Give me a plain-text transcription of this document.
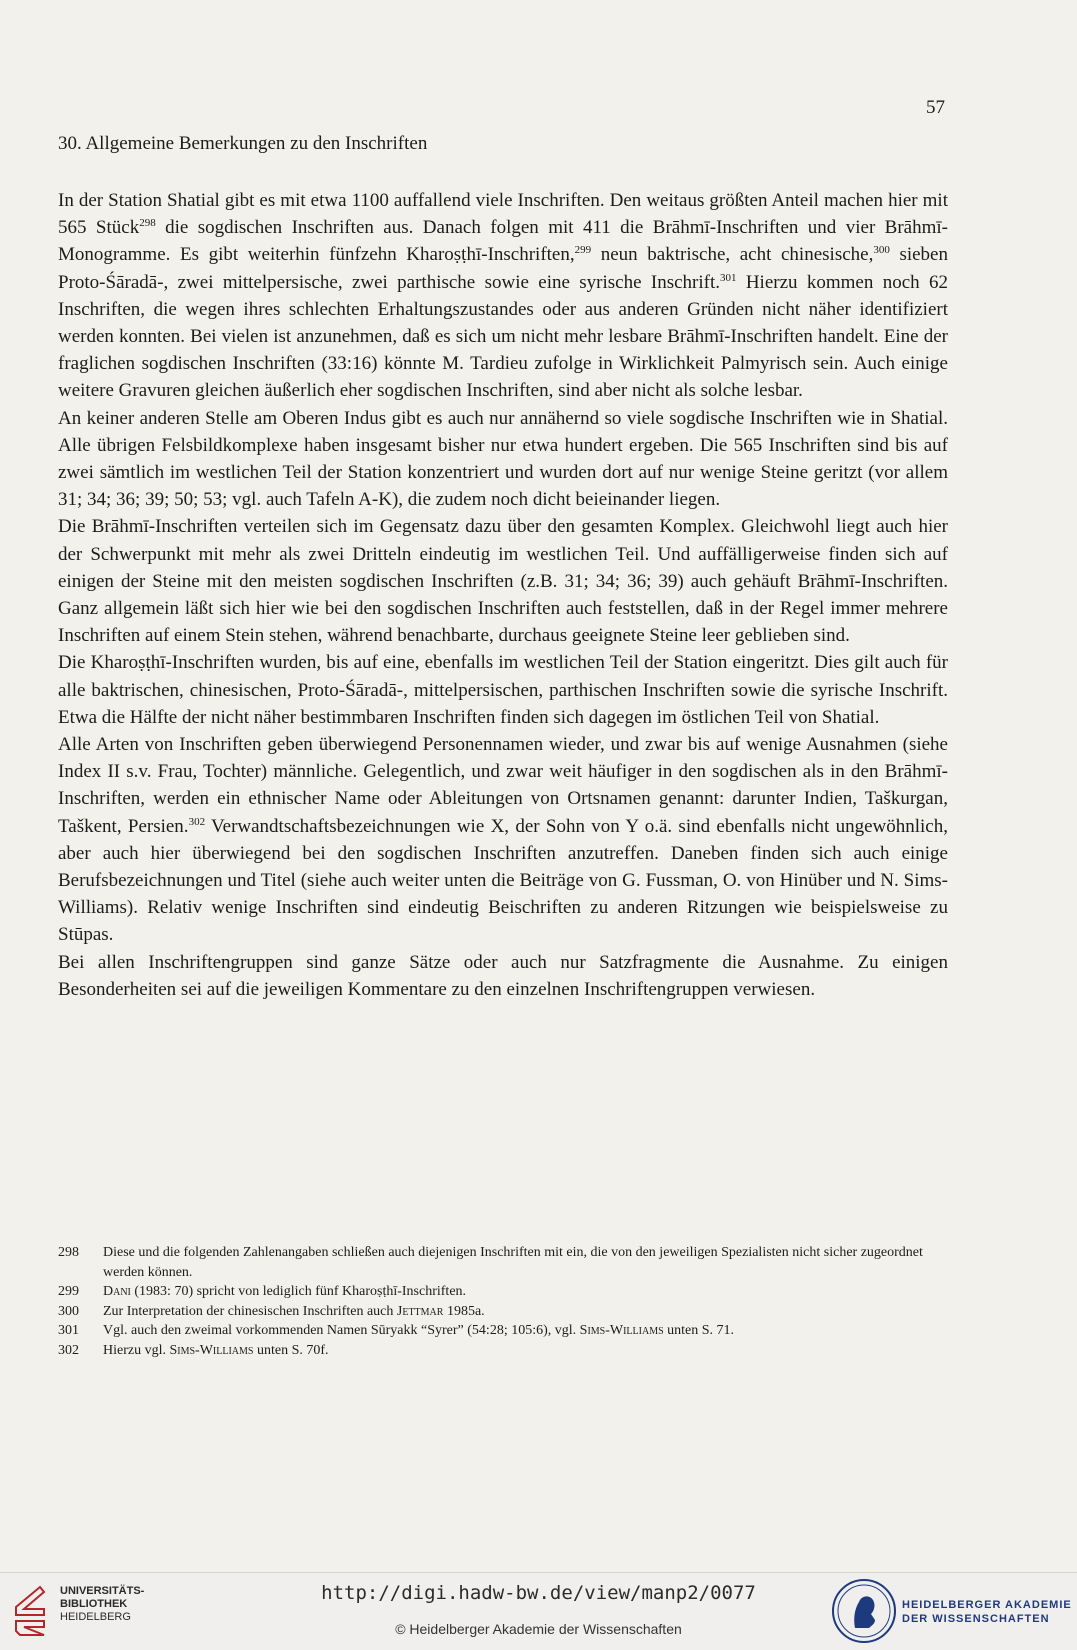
57
30. Allgemeine Bemerkungen zu den Inschriften

In der Station Shatial gibt es mit etwa 1100 auffallend viele Inschriften. Den weitaus größten Anteil machen hier mit 565 Stück$^{298}$ die sogdischen Inschriften aus. Danach folgen mit 411 die Brāhmī-Inschriften und vier Brāhmī-Monogramme. Es gibt weiterhin fünfzehn Kharoṣṭhī-Inschriften,$^{299}$ neun baktrische, acht chinesische,$^{300}$ sieben Proto-Śāradā-, zwei mittelpersische, zwei parthische sowie eine syrische Inschrift.$^{301}$ Hierzu kommen noch 62 Inschriften, die wegen ihres schlechten Erhaltungszustandes oder aus anderen Gründen nicht näher identifiziert werden konnten. Bei vielen ist anzunehmen, daß es sich um nicht mehr lesbare Brāhmī-Inschriften handelt. Eine der fraglichen sogdischen Inschriften (33:16) könnte M. Tardieu zufolge in Wirklichkeit Palmyrisch sein. Auch einige weitere Gravuren gleichen äußerlich eher sogdischen Inschriften, sind aber nicht als solche lesbar.

An keiner anderen Stelle am Oberen Indus gibt es auch nur annähernd so viele sogdische Inschriften wie in Shatial. Alle übrigen Felsbildkomplexe haben insgesamt bisher nur etwa hundert ergeben. Die 565 Inschriften sind bis auf zwei sämtlich im westlichen Teil der Station konzentriert und wurden dort auf nur wenige Steine geritzt (vor allem 31; 34; 36; 39; 50; 53; vgl. auch Tafeln A-K), die zudem noch dicht beieinander liegen.

Die Brāhmī-Inschriften verteilen sich im Gegensatz dazu über den gesamten Komplex. Gleichwohl liegt auch hier der Schwerpunkt mit mehr als zwei Dritteln eindeutig im westlichen Teil. Und auffälligerweise finden sich auf einigen der Steine mit den meisten sogdischen Inschriften (z.B. 31; 34; 36; 39) auch gehäuft Brāhmī-Inschriften. Ganz allgemein läßt sich hier wie bei den sogdischen Inschriften auch feststellen, daß in der Regel immer mehrere Inschriften auf einem Stein stehen, während benachbarte, durchaus geeignete Steine leer geblieben sind.

Die Kharoṣṭhī-Inschriften wurden, bis auf eine, ebenfalls im westlichen Teil der Station eingeritzt. Dies gilt auch für alle baktrischen, chinesischen, Proto-Śāradā-, mittelpersischen, parthischen Inschriften sowie die syrische Inschrift. Etwa die Hälfte der nicht näher bestimmbaren Inschriften finden sich dagegen im östlichen Teil von Shatial.

Alle Arten von Inschriften geben überwiegend Personennamen wieder, und zwar bis auf wenige Ausnahmen (siehe Index II s.v. Frau, Tochter) männliche. Gelegentlich, und zwar weit häufiger in den sogdischen als in den Brāhmī-Inschriften, werden ein ethnischer Name oder Ableitungen von Ortsnamen genannt: darunter Indien, Taškurgan, Taškent, Persien.$^{302}$ Verwandtschaftsbezeichnungen wie X, der Sohn von Y o.ä. sind ebenfalls nicht ungewöhnlich, aber auch hier überwiegend bei den sogdischen Inschriften anzutreffen. Daneben finden sich auch einige Berufsbezeichnungen und Titel (siehe auch weiter unten die Beiträge von G. Fussman, O. von Hinüber und N. Sims-Williams). Relativ wenige Inschriften sind eindeutig Beischriften zu anderen Ritzungen wie beispielsweise zu Stūpas.

Bei allen Inschriftengruppen sind ganze Sätze oder auch nur Satzfragmente die Ausnahme. Zu einigen Besonderheiten sei auf die jeweiligen Kommentare zu den einzelnen Inschriftengruppen verwiesen.

298	Diese und die folgenden Zahlenangaben schließen auch diejenigen Inschriften mit ein, die von den jeweiligen Spezialisten nicht sicher zugeordnet werden können.
299	Dani (1983: 70) spricht von lediglich fünf Kharoṣṭhī-Inschriften.
300	Zur Interpretation der chinesischen Inschriften auch Jettmar 1985a.
301	Vgl. auch den zweimal vorkommenden Namen Sūryakk “Syrer” (54:28; 105:6), vgl. Sims-Williams unten S. 71.
302	Hierzu vgl. Sims-Williams unten S. 70f.
UNIVERSITÄTS-
BIBLIOTHEK
HEIDELBERG
http://digi.hadw-bw.de/view/manp2/0077
© Heidelberger Akademie der Wissenschaften
HEIDELBERGER AKADEMIE
DER WISSENSCHAFTEN
